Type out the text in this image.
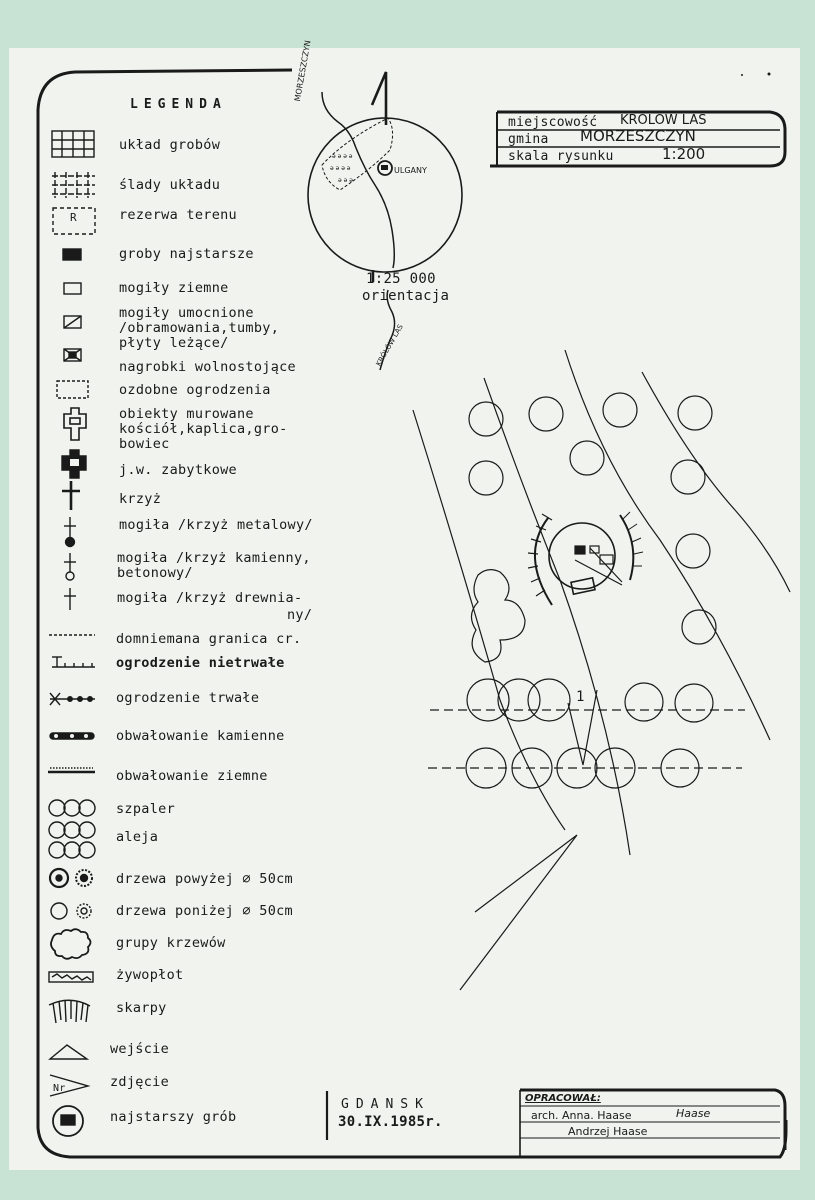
ǝ ǝ ǝ ǝ
ǝ ǝ ǝ ǝ
ǝ ǝ ǝ
LEGENDA
układ grobów
ślady układu
R	rezerwa terenu
groby najstarsze
mogiły ziemne
mogiły umocnione
/obramowania,tumby,
płyty leżące/
nagrobki wolnostojące
ozdobne ogrodzenia
obiekty murowane
kościół,kaplica,gro-
bowiec
j.w. zabytkowe
krzyż
mogiła /krzyż metalowy/
mogiła /krzyż kamienny,
betonowy/
mogiła /krzyż drewnia-
ny/
domniemana granica cr.
ogrodzenie nietrwałe
ogrodzenie trwałe
obwałowanie kamienne
obwałowanie ziemne
szpaler
aleja
drzewa powyżej ∅ 50cm
drzewa poniżej ∅ 50cm
grupy krzewów
żywopłot
skarpy
wejście
Nr	zdjęcie
najstarszy grób
MORZESZCZYN
ULGANY
KRÓLÓW LAS
1:25 000
orientacja
miejscowość KRÓLÓW LAS
gmina MORZESZCZYN
skala rysunku	1:200
1
GDANSK
30.IX.1985r.
OPRACOWAŁ:
arch. Anna. Haase	Haase
Andrzej Haase
